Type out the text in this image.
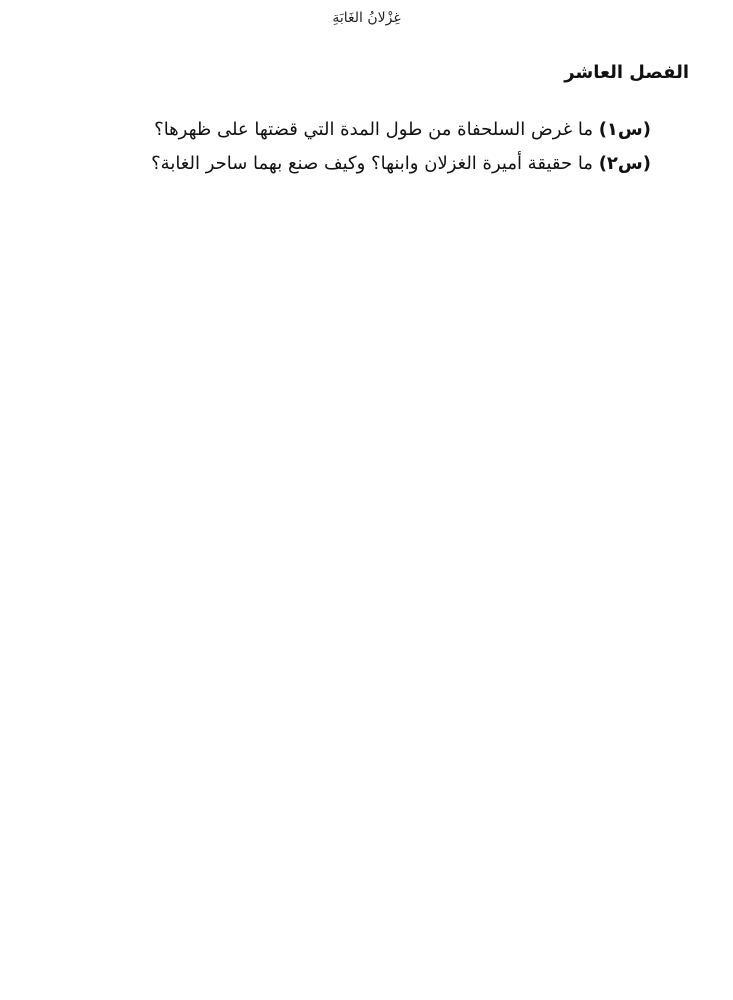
غِزْلانُ الغَابَةِ
الفصل العاشر
(س١) ما غرض السلحفاة من طول المدة التي قضتها على ظهرها؟
(س٢) ما حقيقة أميرة الغزلان وابنها؟ وكيف صنع بهما ساحر الغابة؟
